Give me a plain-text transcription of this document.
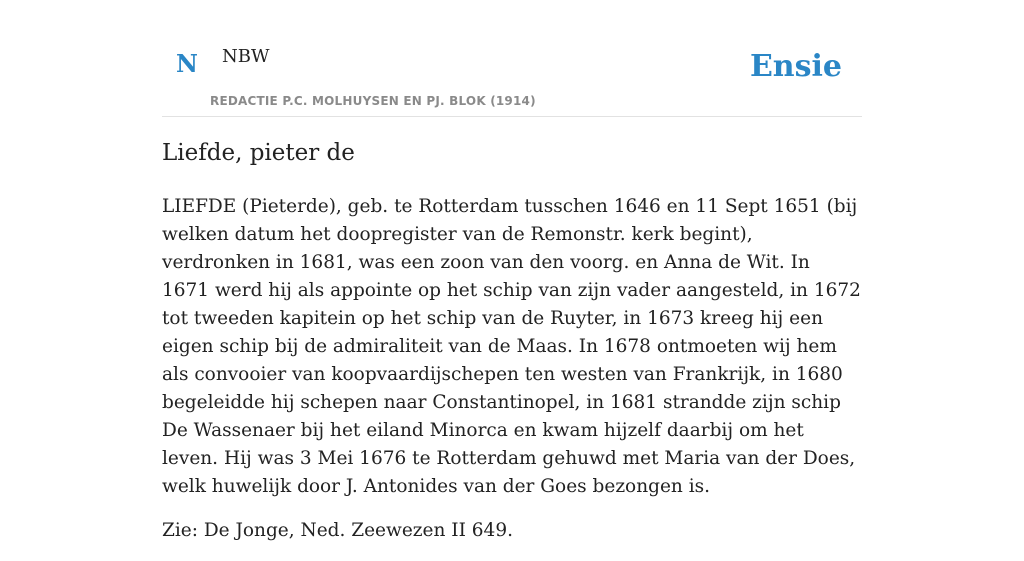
N NBW
REDACTIE P.C. MOLHUYSEN EN PJ. BLOK (1914)
Ensie
Liefde, pieter de

LIEFDE (Pieterde), geb. te Rotterdam tusschen 1646 en 11 Sept 1651 (bij welken datum het doopregister van de Remonstr. kerk begint), verdronken in 1681, was een zoon van den voorg. en Anna de Wit. In 1671 werd hij als appointe op het schip van zijn vader aangesteld, in 1672 tot tweeden kapitein op het schip van de Ruyter, in 1673 kreeg hij een eigen schip bij de admiraliteit van de Maas. In 1678 ontmoeten wij hem als convooier van koopvaardijschepen ten westen van Frankrijk, in 1680 begeleidde hij schepen naar Constantinopel, in 1681 strandde zijn schip De Wassenaer bij het eiland Minorca en kwam hijzelf daarbij om het leven. Hij was 3 Mei 1676 te Rotterdam gehuwd met Maria van der Does, welk huwelijk door J. Antonides van der Goes bezongen is.

Zie: De Jonge, Ned. Zeewezen II 649.
